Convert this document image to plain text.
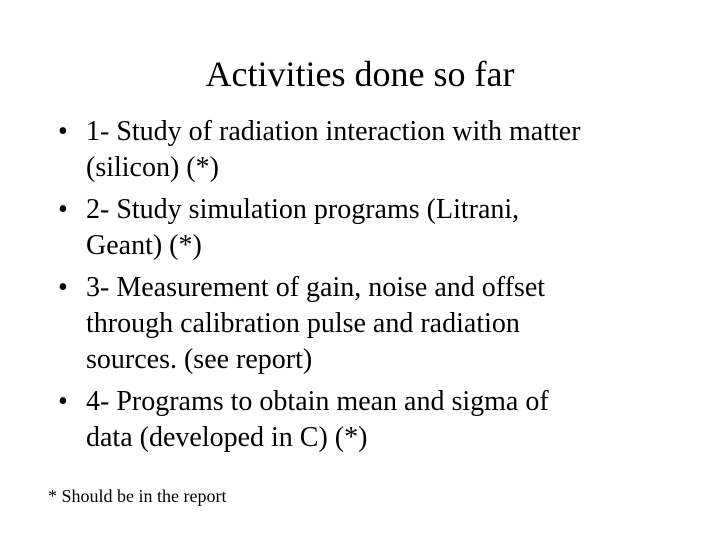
Activities done so far
• 1- Study of radiation interaction with matter
(silicon) (*)
• 2- Study simulation programs (Litrani,
Geant) (*)
• 3- Measurement of gain, noise and offset
through calibration pulse and radiation
sources. (see report)
• 4- Programs to obtain mean and sigma of
data (developed in C) (*)
* Should be in the report
